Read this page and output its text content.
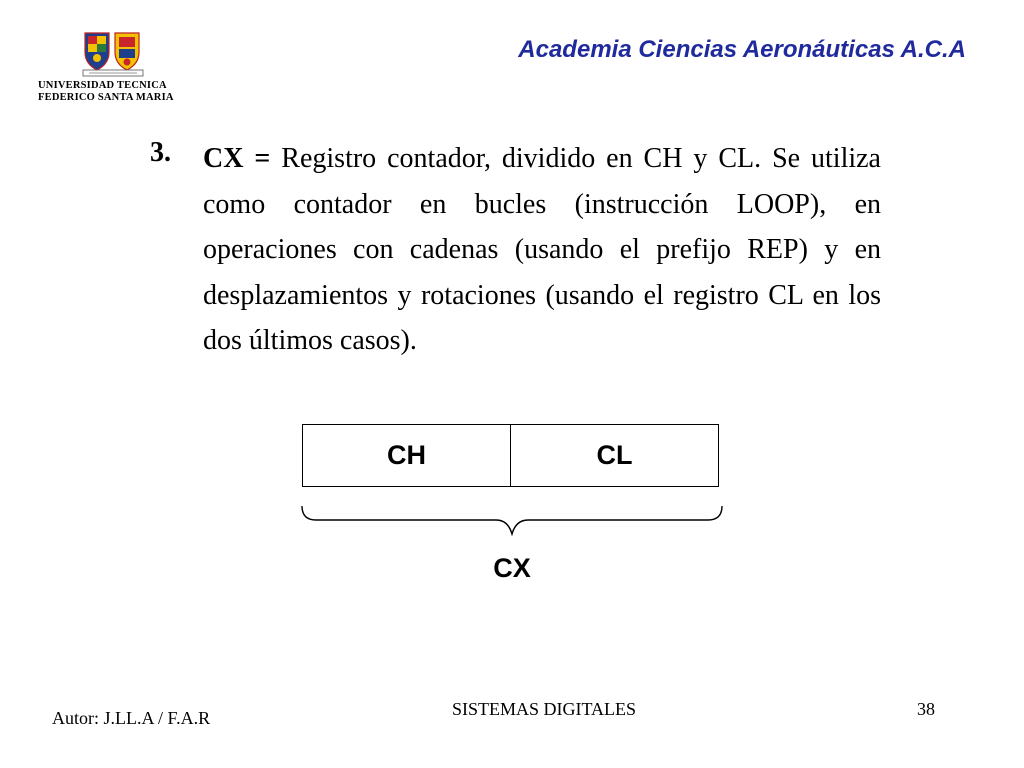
UNIVERSIDAD TECNICA
FEDERICO SANTA MARIA
Academia Ciencias Aeronáuticas A.C.A
3. CX = Registro contador, dividido en CH y CL. Se utiliza como contador en bucles (instrucción LOOP), en operaciones con cadenas (usando el prefijo REP) y en desplazamientos y rotaciones (usando el registro CL en los dos últimos casos).
CH	CL
CX
Autor: J.LL.A / F.A.R	SISTEMAS DIGITALES	38
